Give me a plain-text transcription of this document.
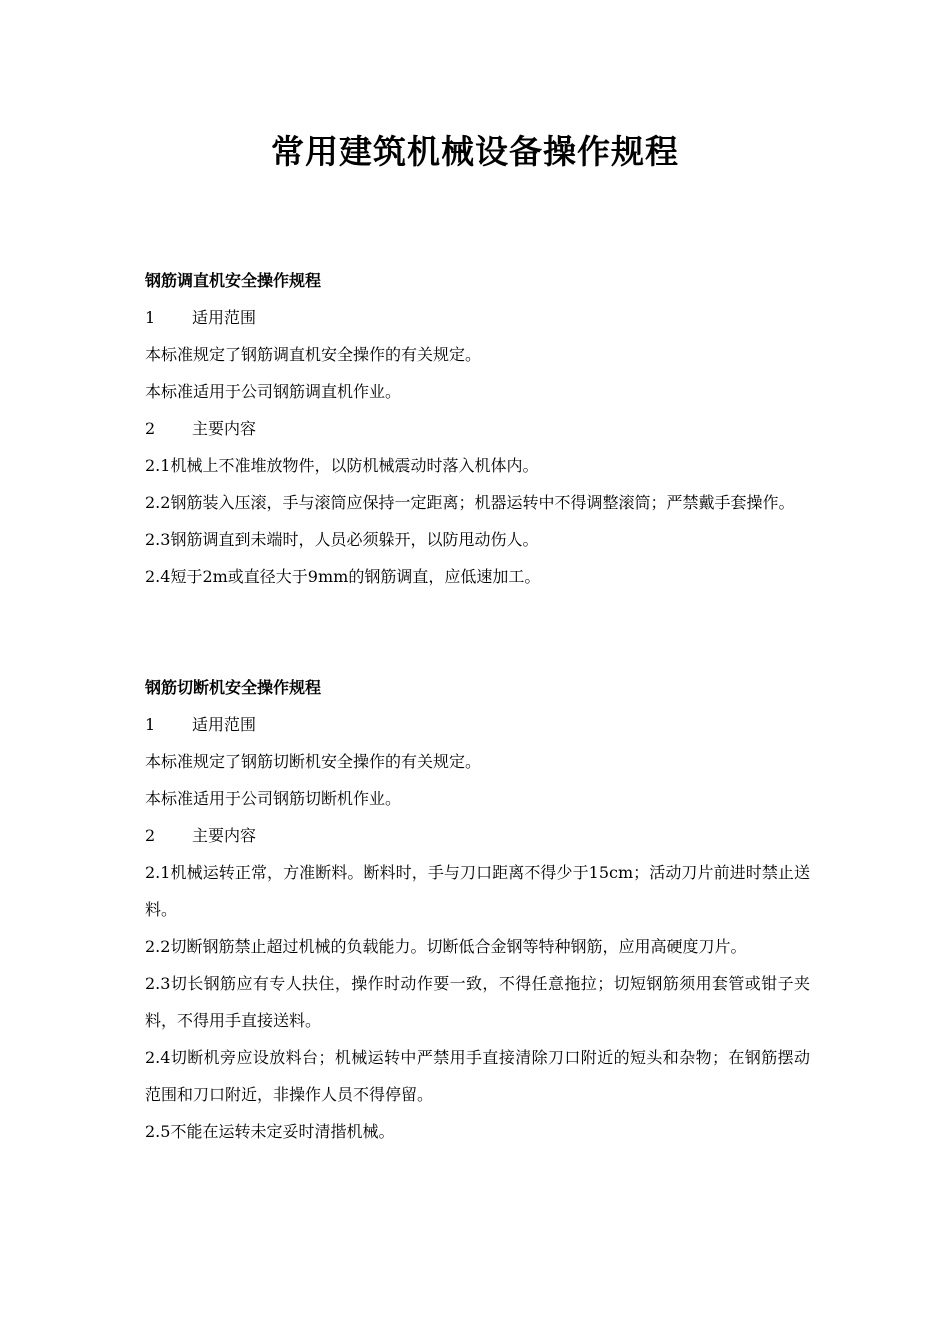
常用建筑机械设备操作规程
钢筋调直机安全操作规程
1	适用范围

本标准规定了钢筋调直机安全操作的有关规定。

本标准适用于公司钢筋调直机作业。

2	主要内容

2.1机械上不准堆放物件，以防机械震动时落入机体内。

2.2钢筋装入压滚，手与滚筒应保持一定距离；机器运转中不得调整滚筒；严禁戴手套操作。

2.3钢筋调直到未端时，人员必须躲开，以防甩动伤人。

2.4短于2m或直径大于9mm的钢筋调直，应低速加工。

钢筋切断机安全操作规程
1	适用范围

本标准规定了钢筋切断机安全操作的有关规定。

本标准适用于公司钢筋切断机作业。

2	主要内容

2.1机械运转正常，方准断料。断料时，手与刀口距离不得少于15cm；活动刀片前进时禁止送料。

2.2切断钢筋禁止超过机械的负载能力。切断低合金钢等特种钢筋，应用高硬度刀片。

2.3切长钢筋应有专人扶住，操作时动作要一致，不得任意拖拉；切短钢筋须用套管或钳子夹料，不得用手直接送料。

2.4切断机旁应设放料台；机械运转中严禁用手直接清除刀口附近的短头和杂物；在钢筋摆动范围和刀口附近，非操作人员不得停留。

2.5不能在运转未定妥时清揩机械。
